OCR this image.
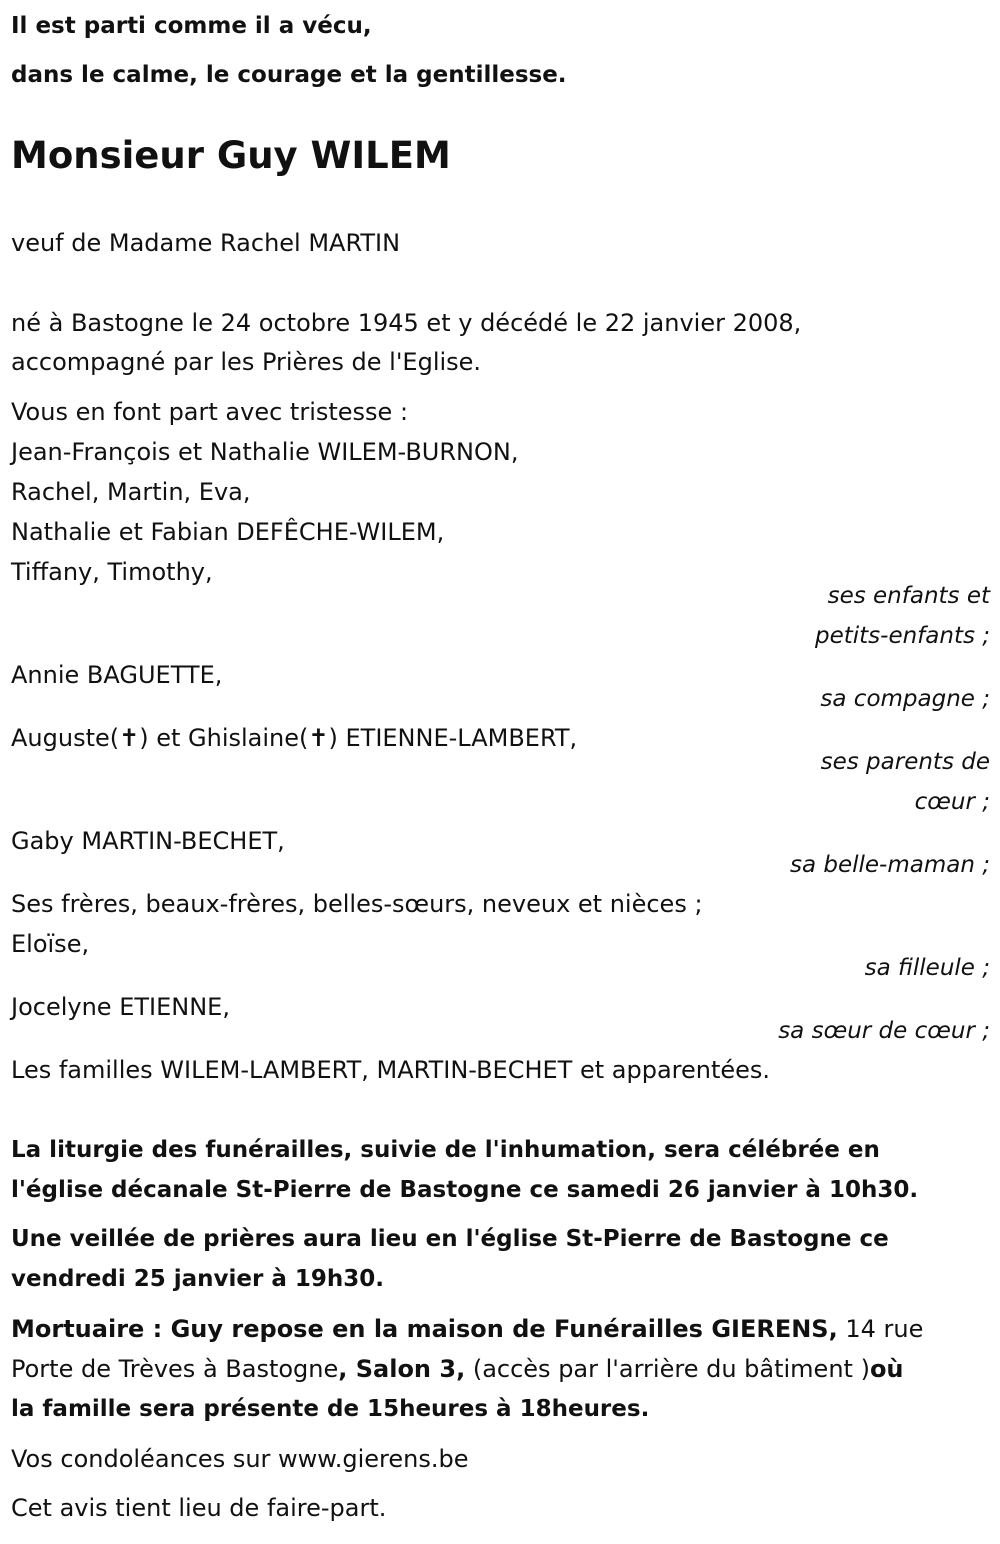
Il est parti comme il a vécu,
dans le calme, le courage et la gentillesse.
Monsieur Guy WILEM
veuf de Madame Rachel MARTIN
né à Bastogne le 24 octobre 1945 et y décédé le 22 janvier 2008,
accompagné par les Prières de l'Eglise.
Vous en font part avec tristesse :
Jean-François et Nathalie WILEM-BURNON,
Rachel, Martin, Eva,
Nathalie et Fabian DEFÊCHE-WILEM,
Tiffany, Timothy,
ses enfants et
petits-enfants ;
Annie BAGUETTE,
sa compagne ;
Auguste(✝) et Ghislaine(✝) ETIENNE-LAMBERT,
ses parents de
cœur ;
Gaby MARTIN-BECHET,
sa belle-maman ;
Ses frères, beaux-frères, belles-sœurs, neveux et nièces ;
Eloïse,
sa filleule ;
Jocelyne ETIENNE,
sa sœur de cœur ;
Les familles WILEM-LAMBERT, MARTIN-BECHET et apparentées.
La liturgie des funérailles, suivie de l'inhumation, sera célébrée en
l'église décanale St-Pierre de Bastogne ce samedi 26 janvier à 10h30.
Une veillée de prières aura lieu en l'église St-Pierre de Bastogne ce
vendredi 25 janvier à 19h30.
Mortuaire : Guy repose en la maison de Funérailles GIERENS, 14 rue
Porte de Trèves à Bastogne, Salon 3, (accès par l'arrière du bâtiment )où
la famille sera présente de 15heures à 18heures.
Vos condoléances sur www.gierens.be
Cet avis tient lieu de faire-part.
